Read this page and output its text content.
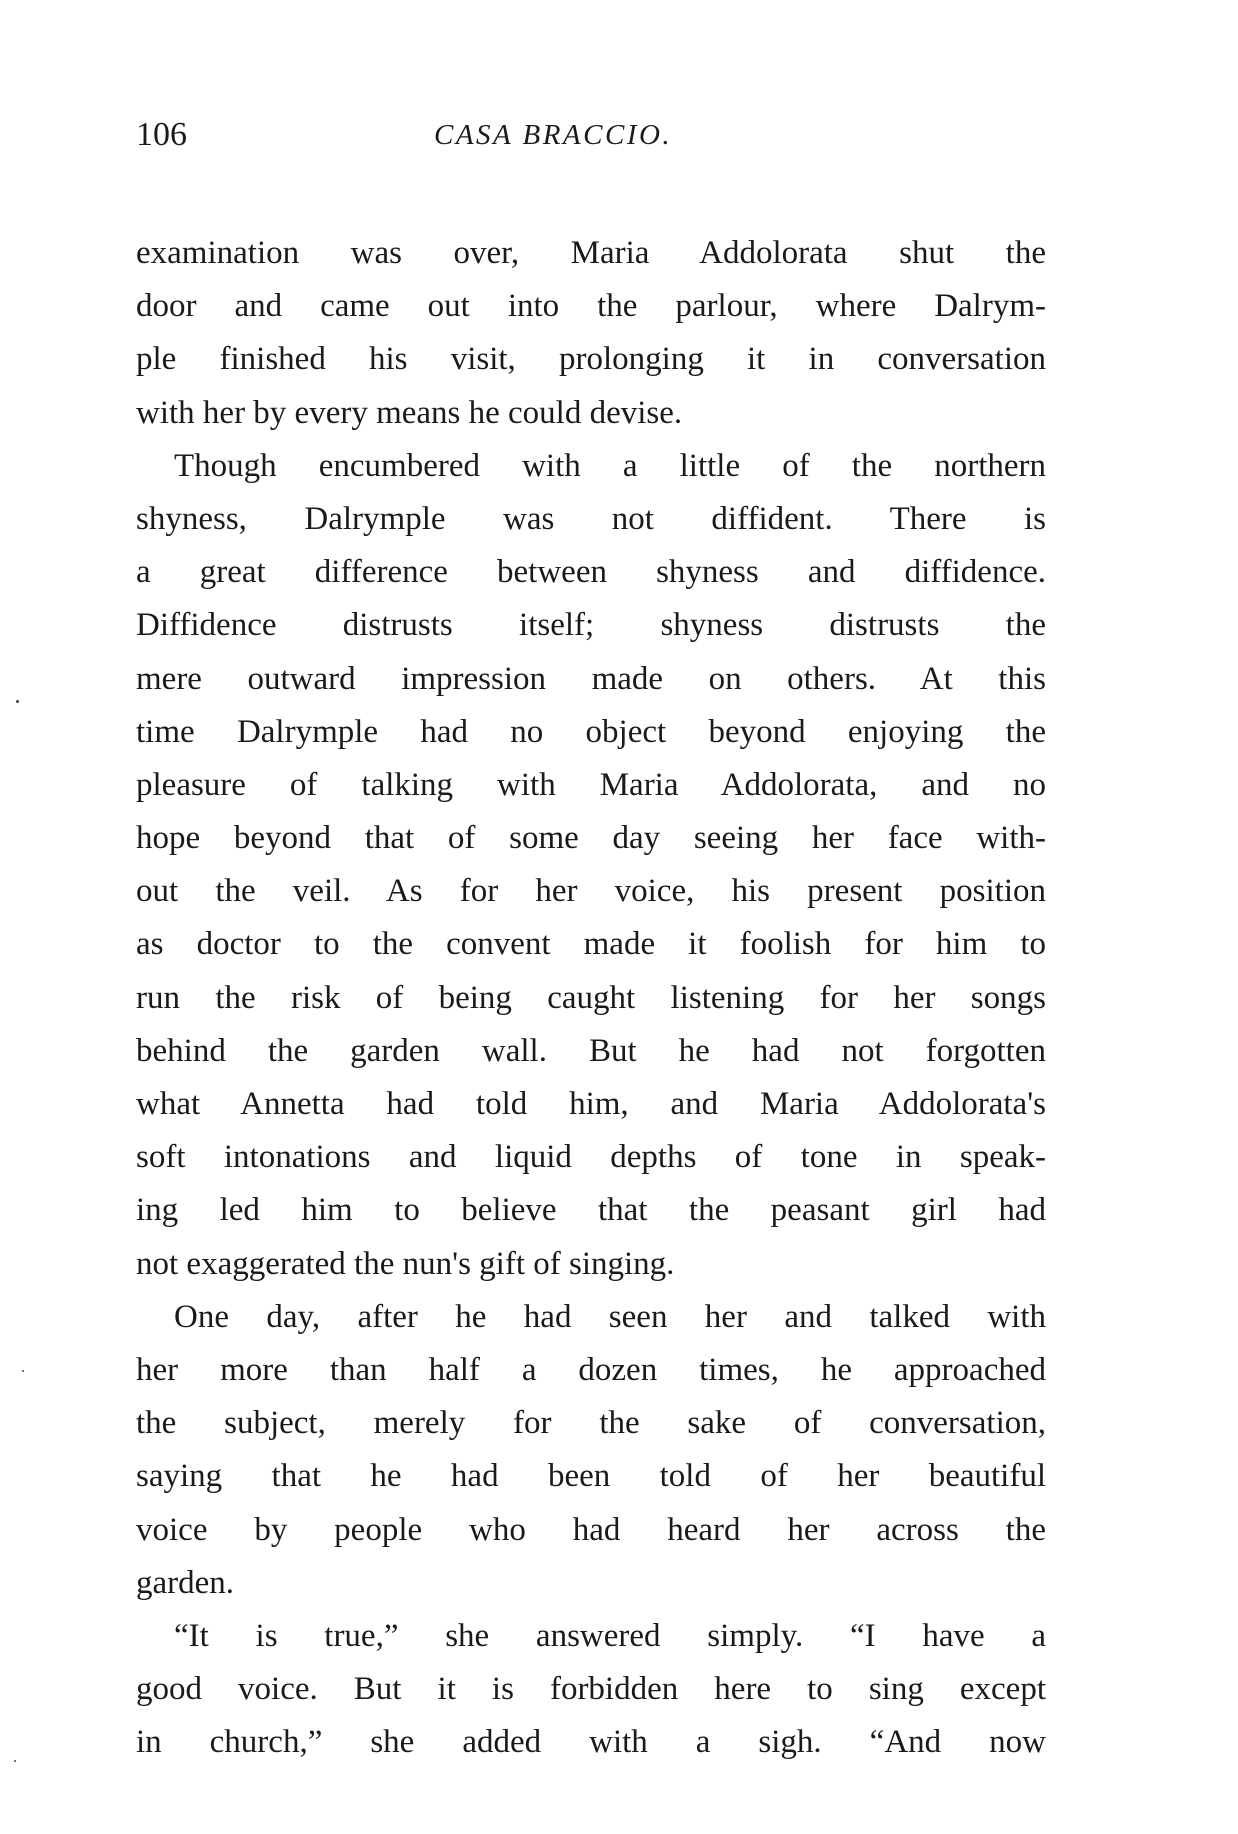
106	CASA BRACCIO.
examination was over, Maria Addolorata shut the
door and came out into the parlour, where Dalrym-
ple finished his visit, prolonging it in conversation
with her by every means he could devise.
Though encumbered with a little of the northern
shyness, Dalrymple was not diffident. There is
a great difference between shyness and diffidence.
Diffidence distrusts itself; shyness distrusts the
mere outward impression made on others. At this
time Dalrymple had no object beyond enjoying the
pleasure of talking with Maria Addolorata, and no
hope beyond that of some day seeing her face with-
out the veil. As for her voice, his present position
as doctor to the convent made it foolish for him to
run the risk of being caught listening for her songs
behind the garden wall. But he had not forgotten
what Annetta had told him, and Maria Addolorata's
soft intonations and liquid depths of tone in speak-
ing led him to believe that the peasant girl had
not exaggerated the nun's gift of singing.
One day, after he had seen her and talked with
her more than half a dozen times, he approached
the subject, merely for the sake of conversation,
saying that he had been told of her beautiful
voice by people who had heard her across the
garden.
“It is true,” she answered simply. “I have a
good voice. But it is forbidden here to sing except
in church,” she added with a sigh. “And now
